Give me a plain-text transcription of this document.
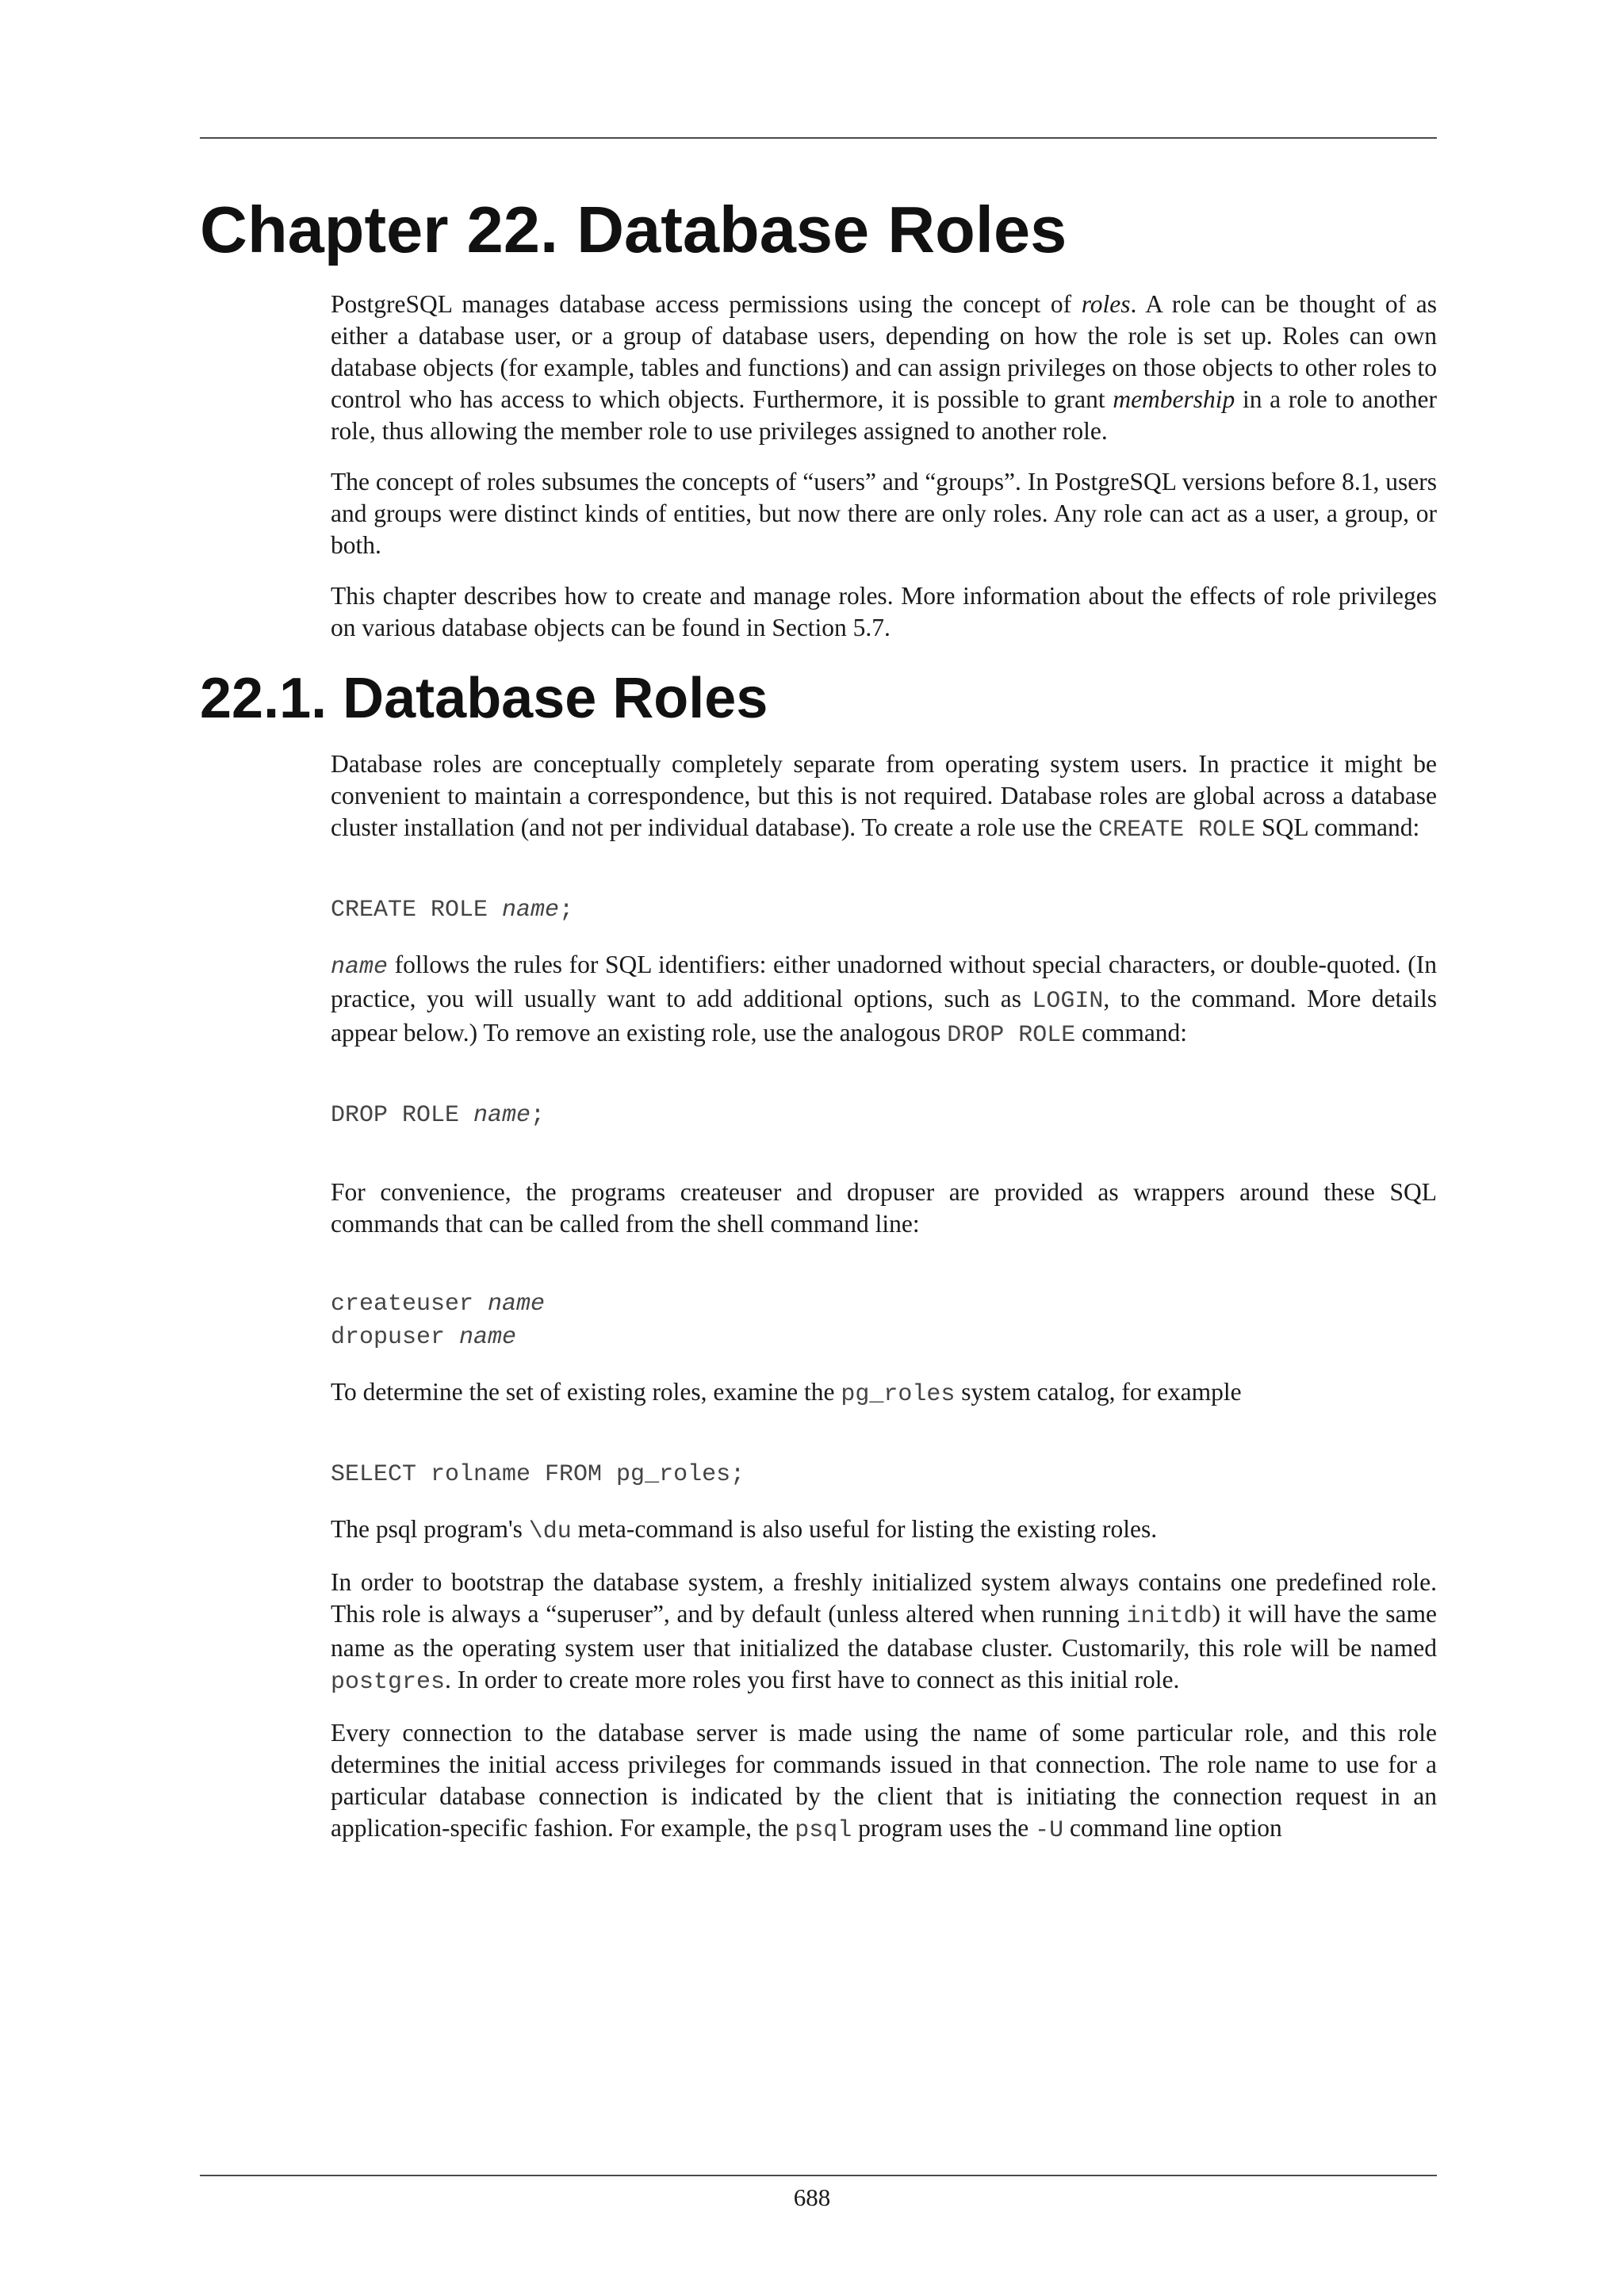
Chapter 22. Database Roles

PostgreSQL manages database access permissions using the concept of roles. A role can be thought of as either a database user, or a group of database users, depending on how the role is set up. Roles can own database objects (for example, tables and functions) and can assign privileges on those objects to other roles to control who has access to which objects. Furthermore, it is possible to grant membership in a role to another role, thus allowing the member role to use privileges assigned to another role.

The concept of roles subsumes the concepts of “users” and “groups”. In PostgreSQL versions before 8.1, users and groups were distinct kinds of entities, but now there are only roles. Any role can act as a user, a group, or both.

This chapter describes how to create and manage roles. More information about the effects of role privileges on various database objects can be found in Section 5.7.

22.1. Database Roles

Database roles are conceptually completely separate from operating system users. In practice it might be convenient to maintain a correspondence, but this is not required. Database roles are global across a database cluster installation (and not per individual database). To create a role use the CREATE ROLE SQL command:

CREATE ROLE name;

name follows the rules for SQL identifiers: either unadorned without special characters, or double-quoted. (In practice, you will usually want to add additional options, such as LOGIN, to the command. More details appear below.) To remove an existing role, use the analogous DROP ROLE command:

DROP ROLE name;

For convenience, the programs createuser and dropuser are provided as wrappers around these SQL commands that can be called from the shell command line:

createuser name
dropuser name

To determine the set of existing roles, examine the pg_roles system catalog, for example

SELECT rolname FROM pg_roles;

The psql program's \du meta-command is also useful for listing the existing roles.

In order to bootstrap the database system, a freshly initialized system always contains one predefined role. This role is always a “superuser”, and by default (unless altered when running initdb) it will have the same name as the operating system user that initialized the database cluster. Customarily, this role will be named postgres. In order to create more roles you first have to connect as this initial role.

Every connection to the database server is made using the name of some particular role, and this role determines the initial access privileges for commands issued in that connection. The role name to use for a particular database connection is indicated by the client that is initiating the connection request in an application-specific fashion. For example, the psql program uses the -U command line option

688
